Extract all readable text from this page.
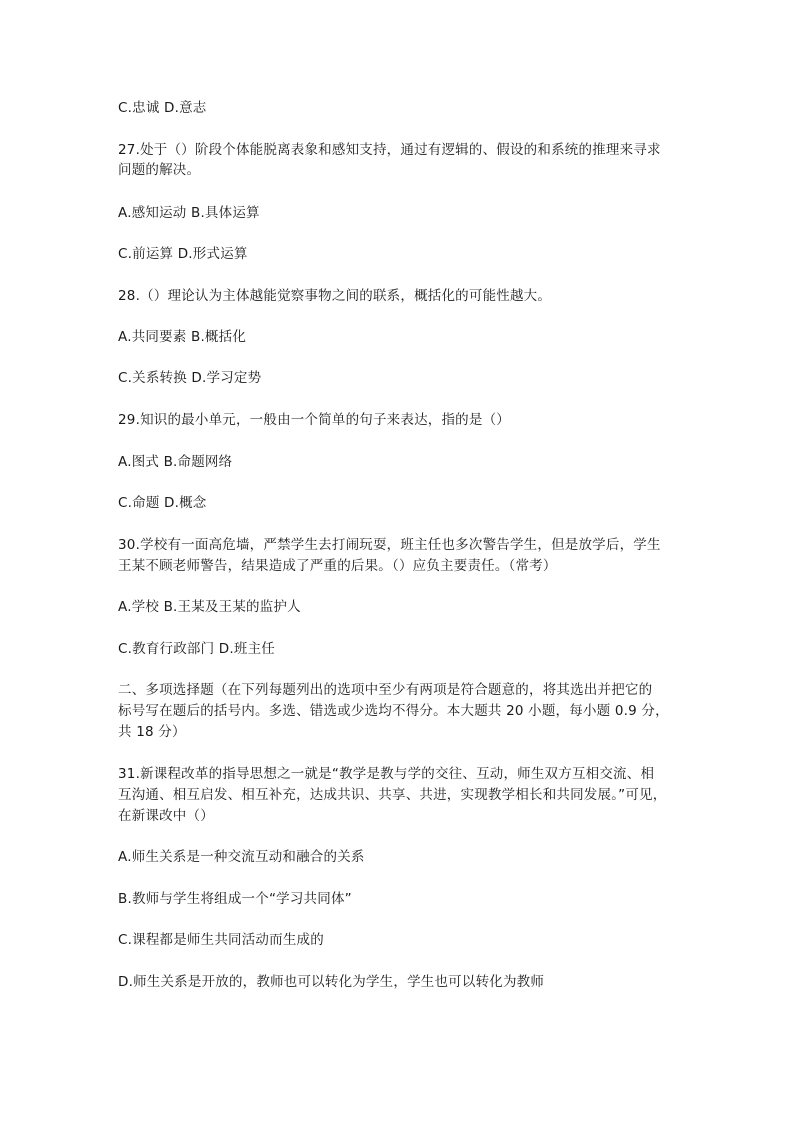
C.忠诚 D.意志
27.处于（）阶段个体能脱离表象和感知支持，通过有逻辑的、假设的和系统的推理来寻求
问题的解决。
A.感知运动 B.具体运算
C.前运算 D.形式运算
28.（）理论认为主体越能觉察事物之间的联系，概括化的可能性越大。
A.共同要素 B.概括化
C.关系转换 D.学习定势
29.知识的最小单元，一般由一个简单的句子来表达，指的是（）
A.图式 B.命题网络
C.命题 D.概念
30.学校有一面高危墙，严禁学生去打闹玩耍，班主任也多次警告学生，但是放学后，学生
王某不顾老师警告，结果造成了严重的后果。（）应负主要责任。（常考）
A.学校 B.王某及王某的监护人
C.教育行政部门 D.班主任
二、多项选择题（在下列每题列出的选项中至少有两项是符合题意的，将其选出并把它的
标号写在题后的括号内。多选、错选或少选均不得分。本大题共 20 小题，每小题 0.9 分，
共 18 分）
31.新课程改革的指导思想之一就是“教学是教与学的交往、互动，师生双方互相交流、相
互沟通、相互启发、相互补充，达成共识、共享、共进，实现教学相长和共同发展。”可见，
在新课改中（）
A.师生关系是一种交流互动和融合的关系
B.教师与学生将组成一个“学习共同体”
C.课程都是师生共同活动而生成的
D.师生关系是开放的，教师也可以转化为学生，学生也可以转化为教师
